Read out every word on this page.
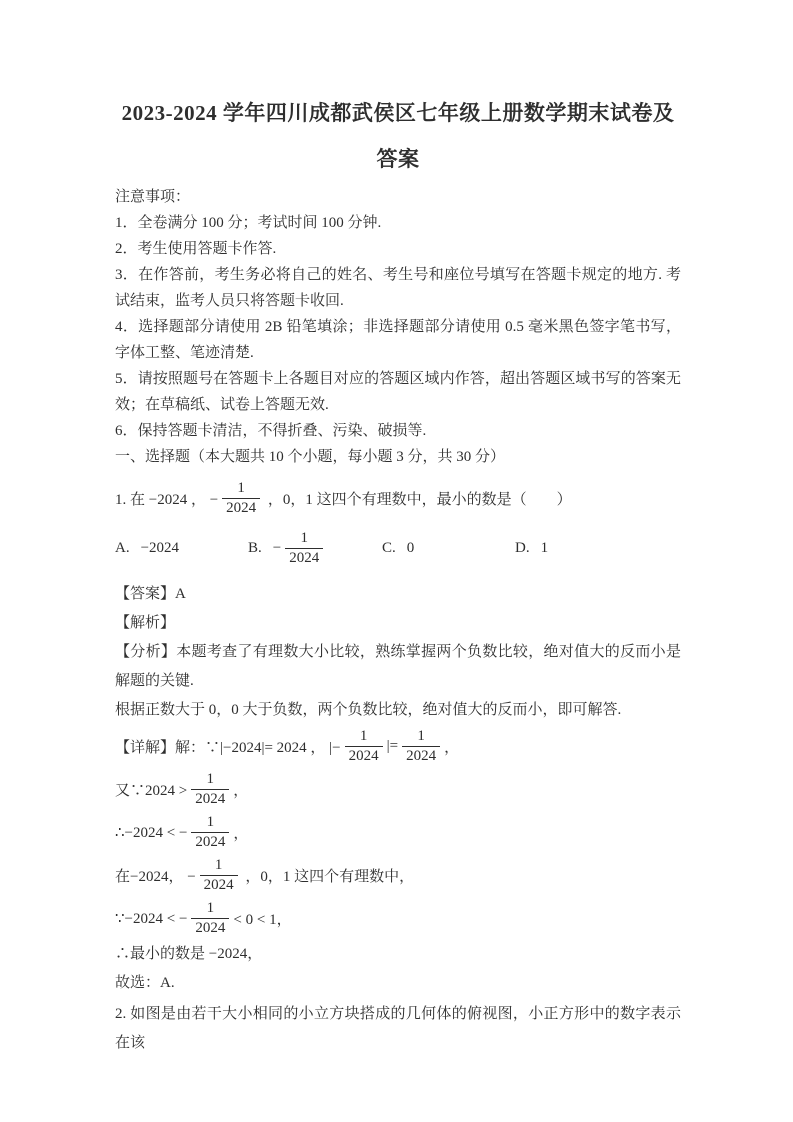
2023-2024 学年四川成都武侯区七年级上册数学期末试卷及
答案

注意事项：

1．全卷满分 100 分；考试时间 100 分钟.

2．考生使用答题卡作答.

3．在作答前，考生务必将自己的姓名、考生号和座位号填写在答题卡规定的地方. 考试结束，监考人员只将答题卡收回.

4．选择题部分请使用 2B 铅笔填涂；非选择题部分请使用 0.5 毫米黑色签字笔书写，字体工整、笔迹清楚.

5．请按照题号在答题卡上各题目对应的答题区域内作答，超出答题区域书写的答案无效；在草稿纸、试卷上答题无效.

6．保持答题卡清洁，不得折叠、污染、破损等.

一、选择题（本大题共 10 个小题，每小题 3 分，共 30 分）

1. 在 −2024 ， − $\frac{1}{2024}$ ，0，1 这四个有理数中，最小的数是（　　）
A. −2024	B. − $\frac{1}{2024}$	C. 0	D. 1

【答案】A

【解析】

【分析】本题考查了有理数大小比较，熟练掌握两个负数比较，绝对值大的反而小是解题的关键.

根据正数大于 0，0 大于负数，两个负数比较，绝对值大的反而小，即可解答.

【详解】解：∵|−2024|= 2024 ， |− $\frac{1}{2024}$ |= $\frac{1}{2024}$ ，
又∵2024 > $\frac{1}{2024}$ ，
∴−2024 < − $\frac{1}{2024}$ ，
在−2024， − $\frac{1}{2024}$ ，0，1 这四个有理数中，
∵−2024 < − $\frac{1}{2024} < 0 < 1$，

∴最小的数是 −2024，

故选：A.

2. 如图是由若干大小相同的小立方块搭成的几何体的俯视图，小正方形中的数字表示在该
